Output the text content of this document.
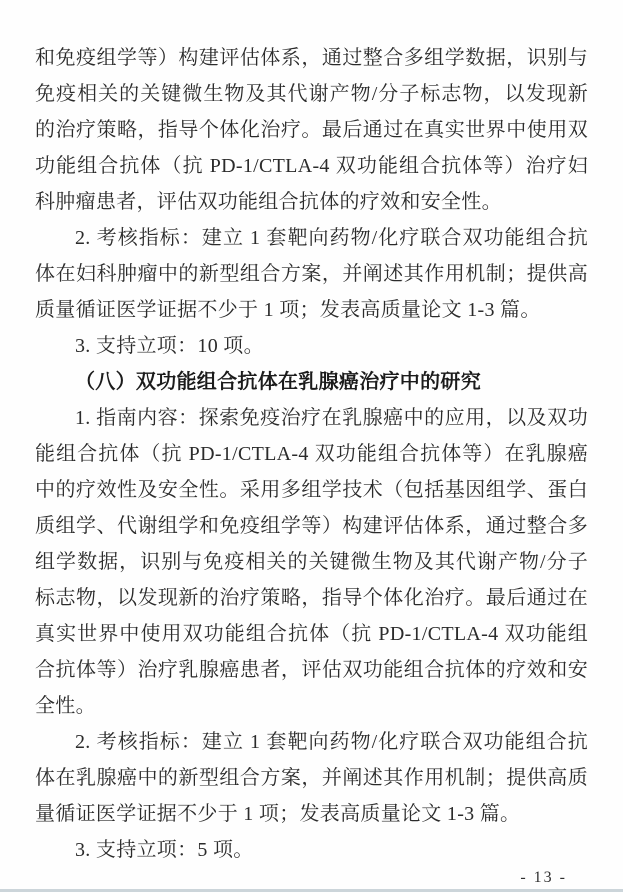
和免疫组学等）构建评估体系，通过整合多组学数据，识别与免疫相关的关键微生物及其代谢产物/分子标志物，以发现新的治疗策略，指导个体化治疗。最后通过在真实世界中使用双功能组合抗体（抗 PD-1/CTLA-4 双功能组合抗体等）治疗妇科肿瘤患者，评估双功能组合抗体的疗效和安全性。

2. 考核指标：建立 1 套靶向药物/化疗联合双功能组合抗体在妇科肿瘤中的新型组合方案，并阐述其作用机制；提供高质量循证医学证据不少于 1 项；发表高质量论文 1-3 篇。

3. 支持立项：10 项。

（八）双功能组合抗体在乳腺癌治疗中的研究

1. 指南内容：探索免疫治疗在乳腺癌中的应用，以及双功能组合抗体（抗 PD-1/CTLA-4 双功能组合抗体等）在乳腺癌中的疗效性及安全性。采用多组学技术（包括基因组学、蛋白质组学、代谢组学和免疫组学等）构建评估体系，通过整合多组学数据，识别与免疫相关的关键微生物及其代谢产物/分子标志物，以发现新的治疗策略，指导个体化治疗。最后通过在真实世界中使用双功能组合抗体（抗 PD-1/CTLA-4 双功能组合抗体等）治疗乳腺癌患者，评估双功能组合抗体的疗效和安全性。

2. 考核指标：建立 1 套靶向药物/化疗联合双功能组合抗体在乳腺癌中的新型组合方案，并阐述其作用机制；提供高质量循证医学证据不少于 1 项；发表高质量论文 1-3 篇。

3. 支持立项：5 项。

- 13 -
